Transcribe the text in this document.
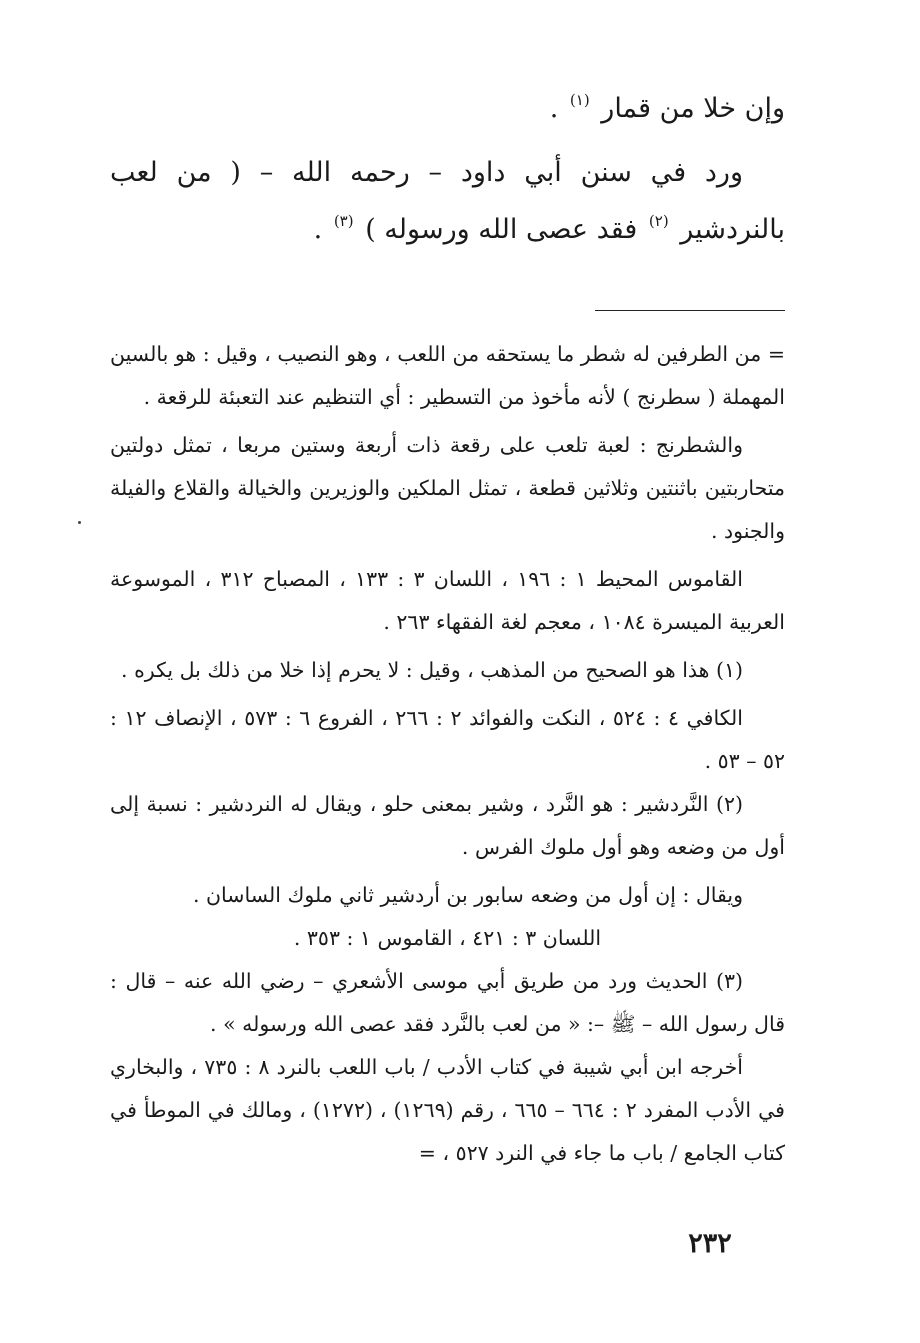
وإن خلا من قمار $^{(١)}$ .

ورد في سنن أبي داود – رحمه الله – ( من لعب بالنردشير $^{(٢)}$ فقد عصى الله ورسوله ) $^{(٣)}$ .

= من الطرفين له شطر ما يستحقه من اللعب ، وهو النصيب ، وقيل : هو بالسين المهملة ( سطرنج ) لأنه مأخوذ من التسطير : أي التنظيم عند التعبئة للرقعة .

والشطرنج : لعبة تلعب على رقعة ذات أربعة وستين مربعا ، تمثل دولتين متحاربتين باثنتين وثلاثين قطعة ، تمثل الملكين والوزيرين والخيالة والقلاع والفيلة والجنود .

القاموس المحيط ١ : ١٩٦ ، اللسان ٣ : ١٣٣ ، المصباح ٣١٢ ، الموسوعة العربية الميسرة ١٠٨٤ ، معجم لغة الفقهاء ٢٦٣ .

(١) هذا هو الصحيح من المذهب ، وقيل : لا يحرم إذا خلا من ذلك بل يكره .

الكافي ٤ : ٥٢٤ ، النكت والفوائد ٢ : ٢٦٦ ، الفروع ٦ : ٥٧٣ ، الإنصاف ١٢ : ٥٢ – ٥٣ .

(٢) النَّردشير : هو النَّرد ، وشير بمعنى حلو ، ويقال له النردشير : نسبة إلى أول من وضعه وهو أول ملوك الفرس .

ويقال : إن أول من وضعه سابور بن أردشير ثاني ملوك الساسان .

اللسان ٣ : ٤٢١ ، القاموس ١ : ٣٥٣ .

(٣) الحديث ورد من طريق أبي موسى الأشعري – رضي الله عنه – قال : قال رسول الله – ﷺ –: « من لعب بالنَّرد فقد عصى الله ورسوله » .

أخرجه ابن أبي شيبة في كتاب الأدب / باب اللعب بالنرد ٨ : ٧٣٥ ، والبخاري في الأدب المفرد ٢ : ٦٦٤ – ٦٦٥ ، رقم (١٢٦٩) ، (١٢٧٢) ، ومالك في الموطأ في كتاب الجامع / باب ما جاء في النرد ٥٢٧ ، =

٢٣٢
